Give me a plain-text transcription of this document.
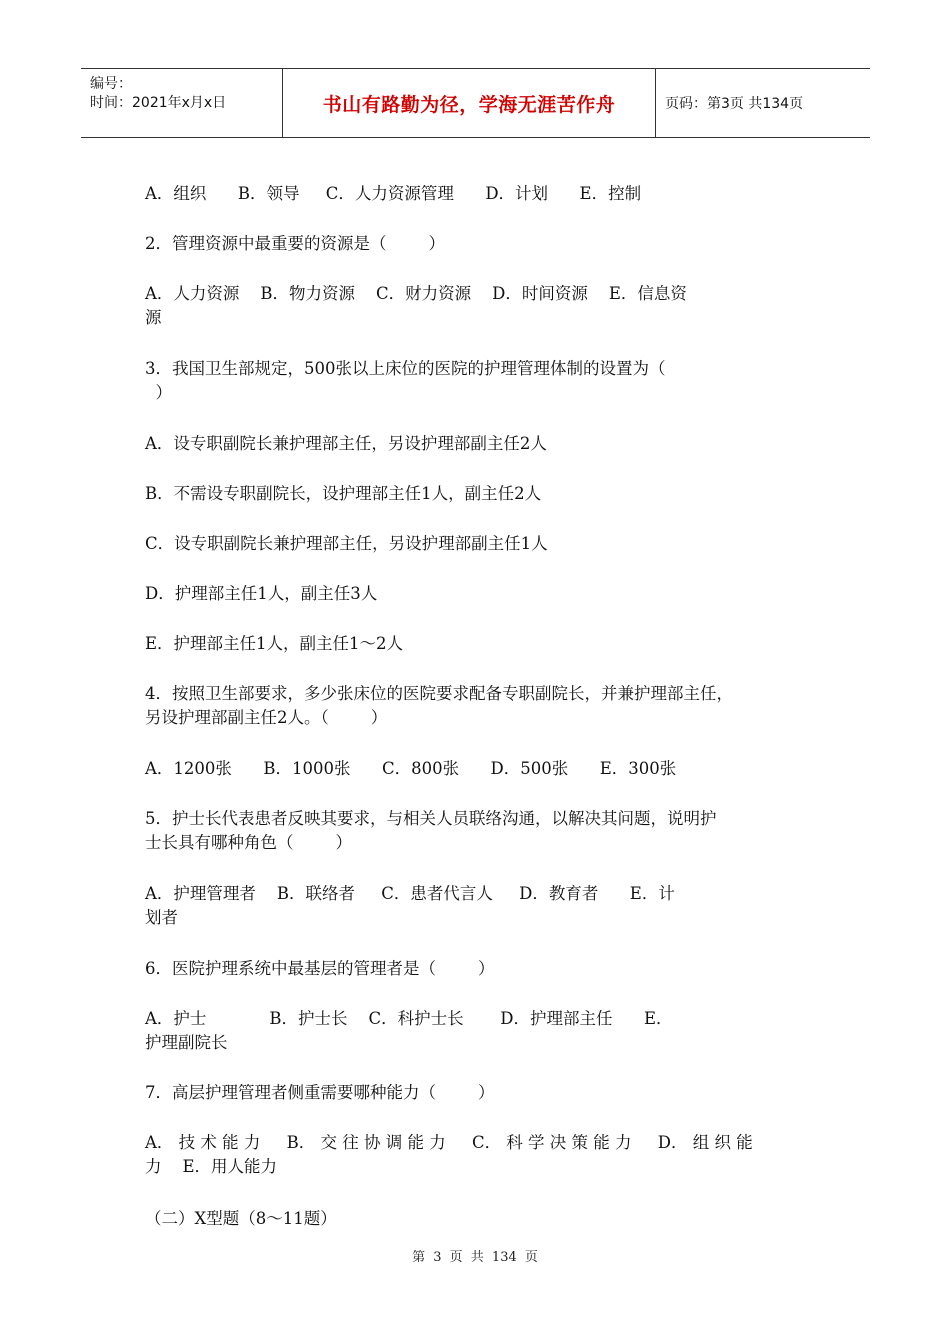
编号：
时间：2021年x月x日	书山有路勤为径，学海无涯苦作舟	页码：第3页 共134页
A．组织      B．领导     C．人力资源管理      D．计划      E．控制
2．管理资源中最重要的资源是（        ）
A．人力资源    B．物力资源    C．财力资源    D．时间资源    E．信息资
源
3．我国卫生部规定，500张以上床位的医院的护理管理体制的设置为（
）
A．设专职副院长兼护理部主任，另设护理部副主任2人
B．不需设专职副院长，设护理部主任1人，副主任2人
C．设专职副院长兼护理部主任，另设护理部副主任1人
D．护理部主任1人，副主任3人
E．护理部主任1人，副主任1～2人
4．按照卫生部要求，多少张床位的医院要求配备专职副院长，并兼护理部主任，
另设护理部副主任2人。（        ）
A．1200张      B．1000张      C．800张      D．500张      E．300张
5．护士长代表患者反映其要求，与相关人员联络沟通，以解决其问题，说明护
士长具有哪种角色（        ）
A．护理管理者    B．联络者     C．患者代言人     D．教育者      E．计
划者
6．医院护理系统中最基层的管理者是（        ）
A．护士            B．护士长    C．科护士长       D．护理部主任      E．
护理副院长
7．高层护理管理者侧重需要哪种能力（        ）
A． 技 术 能 力     B． 交 往 协 调 能 力     C． 科 学 决 策 能 力     D． 组 织 能
力    E．用人能力
（二）X型题（8～11题）
第 3 页 共 134 页
